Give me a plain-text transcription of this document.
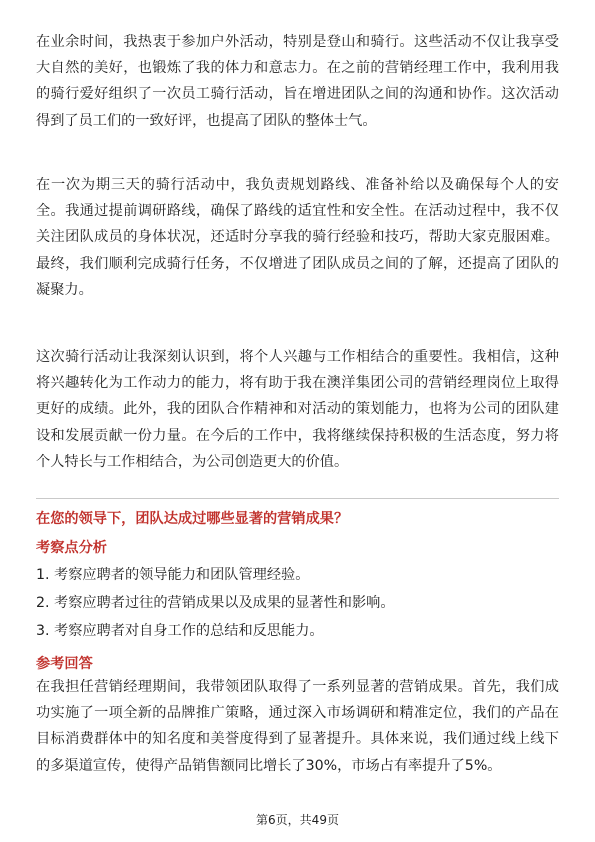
在业余时间，我热衷于参加户外活动，特别是登山和骑行。这些活动不仅让我享受大自然的美好，也锻炼了我的体力和意志力。在之前的营销经理工作中，我利用我的骑行爱好组织了一次员工骑行活动，旨在增进团队之间的沟通和协作。这次活动得到了员工们的一致好评，也提高了团队的整体士气。

在一次为期三天的骑行活动中，我负责规划路线、准备补给以及确保每个人的安全。我通过提前调研路线，确保了路线的适宜性和安全性。在活动过程中，我不仅关注团队成员的身体状况，还适时分享我的骑行经验和技巧，帮助大家克服困难。最终，我们顺利完成骑行任务，不仅增进了团队成员之间的了解，还提高了团队的凝聚力。

这次骑行活动让我深刻认识到，将个人兴趣与工作相结合的重要性。我相信，这种将兴趣转化为工作动力的能力，将有助于我在澳洋集团公司的营销经理岗位上取得更好的成绩。此外，我的团队合作精神和对活动的策划能力，也将为公司的团队建设和发展贡献一份力量。在今后的工作中，我将继续保持积极的生活态度，努力将个人特长与工作相结合，为公司创造更大的价值。

在您的领导下，团队达成过哪些显著的营销成果？

考察点分析

1. 考察应聘者的领导能力和团队管理经验。

2. 考察应聘者过往的营销成果以及成果的显著性和影响。

3. 考察应聘者对自身工作的总结和反思能力。

参考回答

在我担任营销经理期间，我带领团队取得了一系列显著的营销成果。首先，我们成功实施了一项全新的品牌推广策略，通过深入市场调研和精准定位，我们的产品在目标消费群体中的知名度和美誉度得到了显著提升。具体来说，我们通过线上线下的多渠道宣传，使得产品销售额同比增长了30%，市场占有率提升了5%。

第6页，共49页
